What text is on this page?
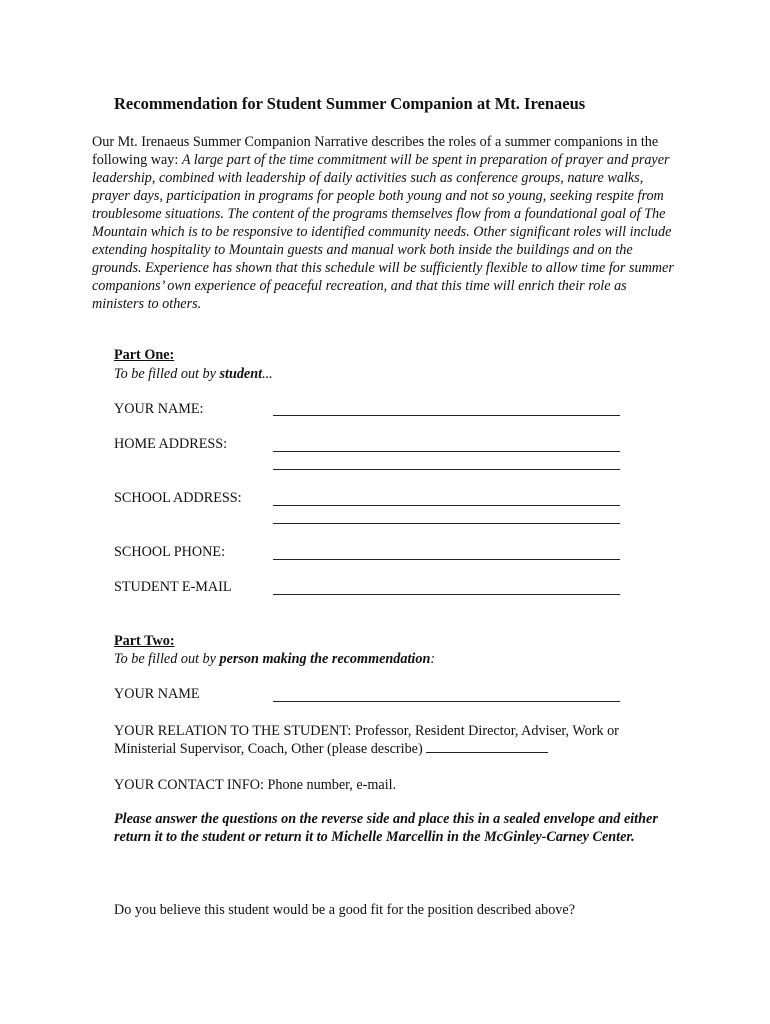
Recommendation for Student Summer Companion at Mt. Irenaeus
Our Mt. Irenaeus Summer Companion Narrative describes the roles of a summer companions in the following way: A large part of the time commitment will be spent in preparation of prayer and prayer leadership, combined with leadership of daily activities such as conference groups, nature walks, prayer days, participation in programs for people both young and not so young, seeking respite from troublesome situations. The content of the programs themselves flow from a foundational goal of The Mountain which is to be responsive to identified community needs. Other significant roles will include extending hospitality to Mountain guests and manual work both inside the buildings and on the grounds. Experience has shown that this schedule will be sufficiently flexible to allow time for summer companions’ own experience of peaceful recreation, and that this time will enrich their role as ministers to others.
Part One:
To be filled out by student...
YOUR NAME:
HOME ADDRESS:
SCHOOL ADDRESS:
SCHOOL PHONE:
STUDENT E-MAIL
Part Two:
To be filled out by person making the recommendation:
YOUR NAME
YOUR RELATION TO THE STUDENT: Professor, Resident Director, Adviser, Work or Ministerial Supervisor, Coach, Other (please describe)
YOUR CONTACT INFO: Phone number, e-mail.
Please answer the questions on the reverse side and place this in a sealed envelope and either return it to the student or return it to Michelle Marcellin in the McGinley-Carney Center.
Do you believe this student would be a good fit for the position described above?
